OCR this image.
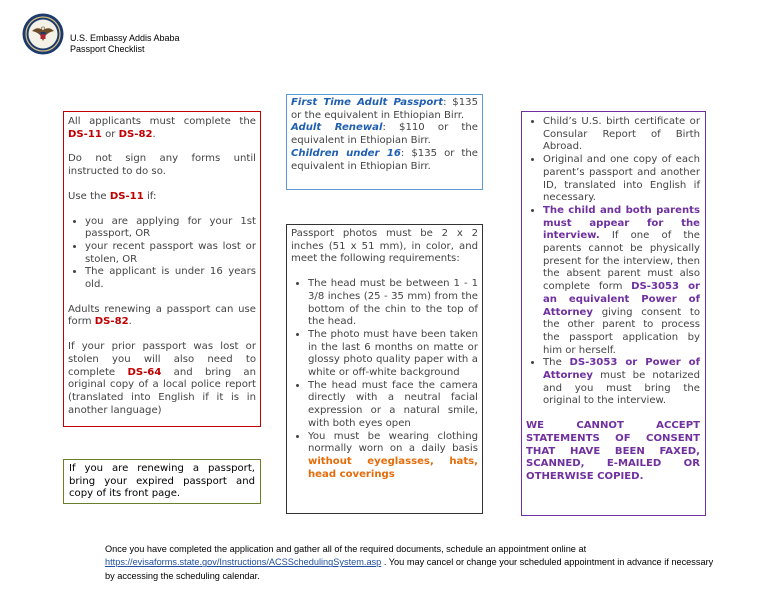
U.S. Embassy Addis Ababa
Passport Checklist

All applicants must complete the DS-11 or DS-82.

Do not sign any forms until instructed to do so.

Use the DS-11 if:

• you are applying for your 1st passport, OR
• your recent passport was lost or stolen, OR
• The applicant is under 16 years old.

Adults renewing a passport can use form DS-82.

If your prior passport was lost or stolen you will also need to complete DS-64 and bring an original copy of a local police report (translated into English if it is in another language)

First Time Adult Passport: $135 or the equivalent in Ethiopian Birr.
Adult Renewal: $110 or the equivalent in Ethiopian Birr.
Children under 16: $135 or the equivalent in Ethiopian Birr.

Passport photos must be 2 x 2 inches (51 x 51 mm), in color, and meet the following requirements:

• The head must be between 1 - 1 3/8 inches (25 - 35 mm) from the bottom of the chin to the top of the head.
• The photo must have been taken in the last 6 months on matte or glossy photo quality paper with a white or off-white background
• The head must face the camera directly with a neutral facial expression or a natural smile, with both eyes open
• You must be wearing clothing normally worn on a daily basis without eyeglasses, hats, head coverings
• Child’s U.S. birth certificate or Consular Report of Birth Abroad.
• Original and one copy of each parent’s passport and another ID, translated into English if necessary.
• The child and both parents must appear for the interview. If one of the parents cannot be physically present for the interview, then the absent parent must also complete form DS-3053 or an equivalent Power of Attorney giving consent to the other parent to process the passport application by him or herself.
• The DS-3053 or Power of Attorney must be notarized and you must bring the original to the interview.

WE CANNOT ACCEPT STATEMENTS OF CONSENT THAT HAVE BEEN FAXED, SCANNED, E-MAILED OR OTHERWISE COPIED.

If you are renewing a passport, bring your expired passport and copy of its front page.
Once you have completed the application and gather all of the required documents, schedule an appointment online at https://evisaforms.state.gov/Instructions/ACSSchedulingSystem.asp . You may cancel or change your scheduled appointment in advance if necessary by accessing the scheduling calendar.
